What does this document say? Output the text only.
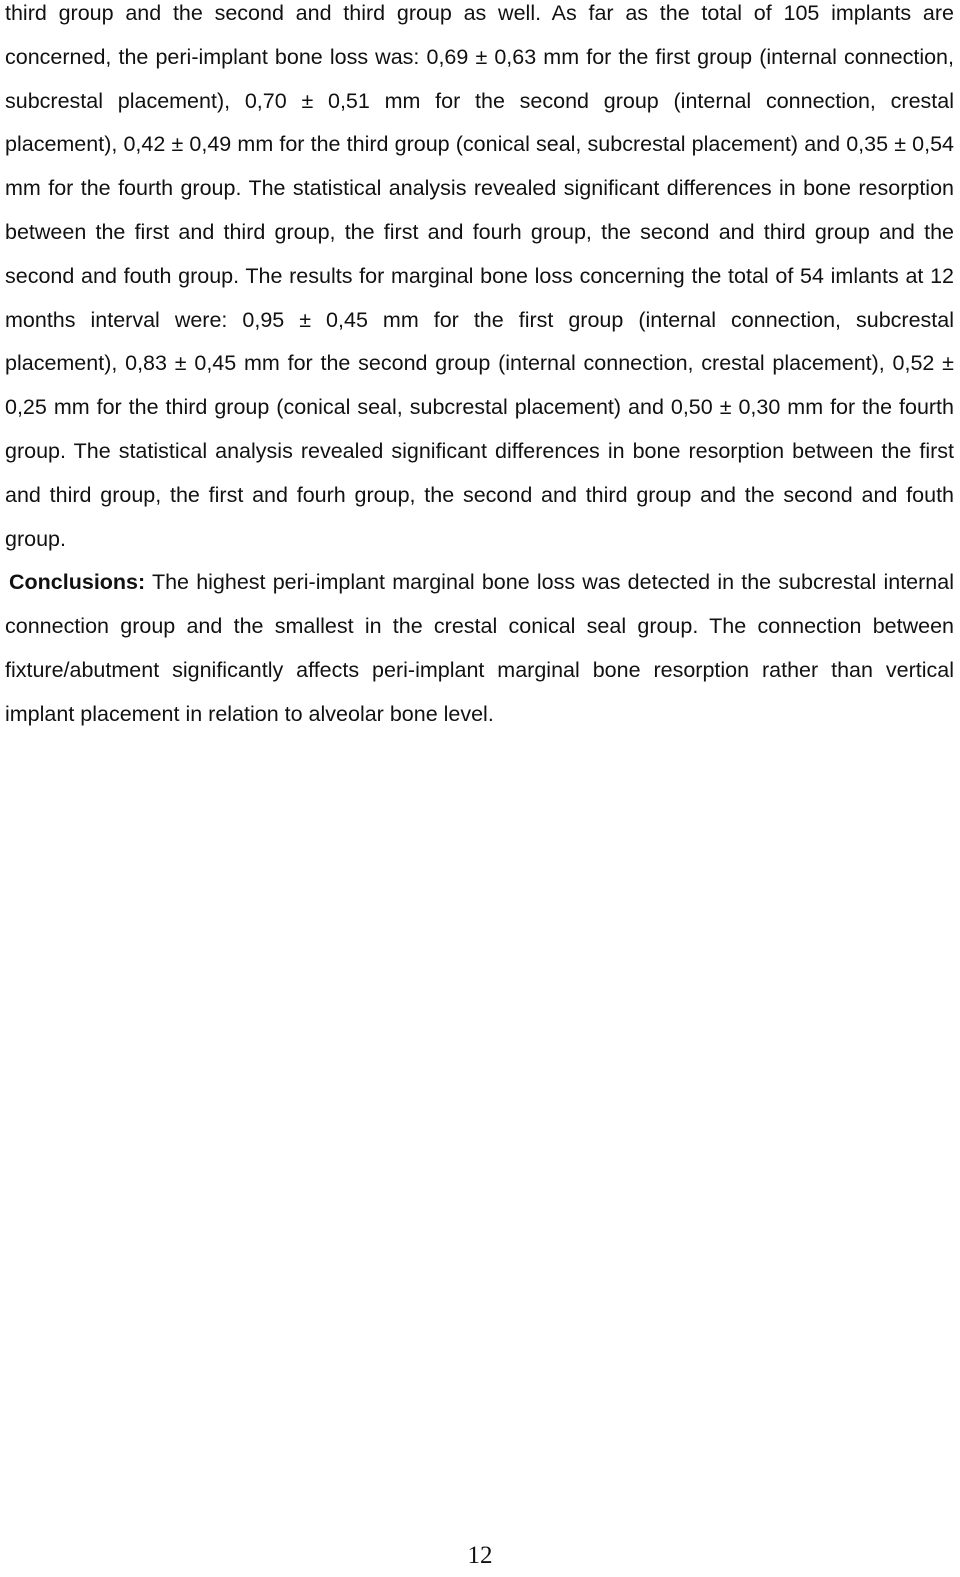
third group and the second and third group as well. As far as the total of 105 implants are concerned, the peri-implant bone loss was: 0,69 ± 0,63 mm for the first group (internal connection, subcrestal placement), 0,70 ± 0,51 mm for the second group (internal connection, crestal placement), 0,42 ± 0,49 mm for the third group (conical seal, subcrestal placement) and 0,35 ± 0,54 mm for the fourth group. The statistical analysis revealed significant differences in bone resorption between the first and third group, the first and fourh group, the second and third group and the second and fouth group. The results for marginal bone loss concerning the total of 54 imlants at 12 months interval were: 0,95 ± 0,45 mm for the first group (internal connection, subcrestal placement), 0,83 ± 0,45 mm for the second group (internal connection, crestal placement), 0,52 ± 0,25 mm for the third group (conical seal, subcrestal placement) and 0,50 ± 0,30 mm for the fourth group. The statistical analysis revealed significant differences in bone resorption between the first and third group, the first and fourh group, the second and third group and the second and fouth group.

Conclusions: The highest peri-implant marginal bone loss was detected in the subcrestal internal connection group and the smallest in the crestal conical seal group. The connection between fixture/abutment significantly affects peri-implant marginal bone resorption rather than vertical implant placement in relation to alveolar bone level.

12
